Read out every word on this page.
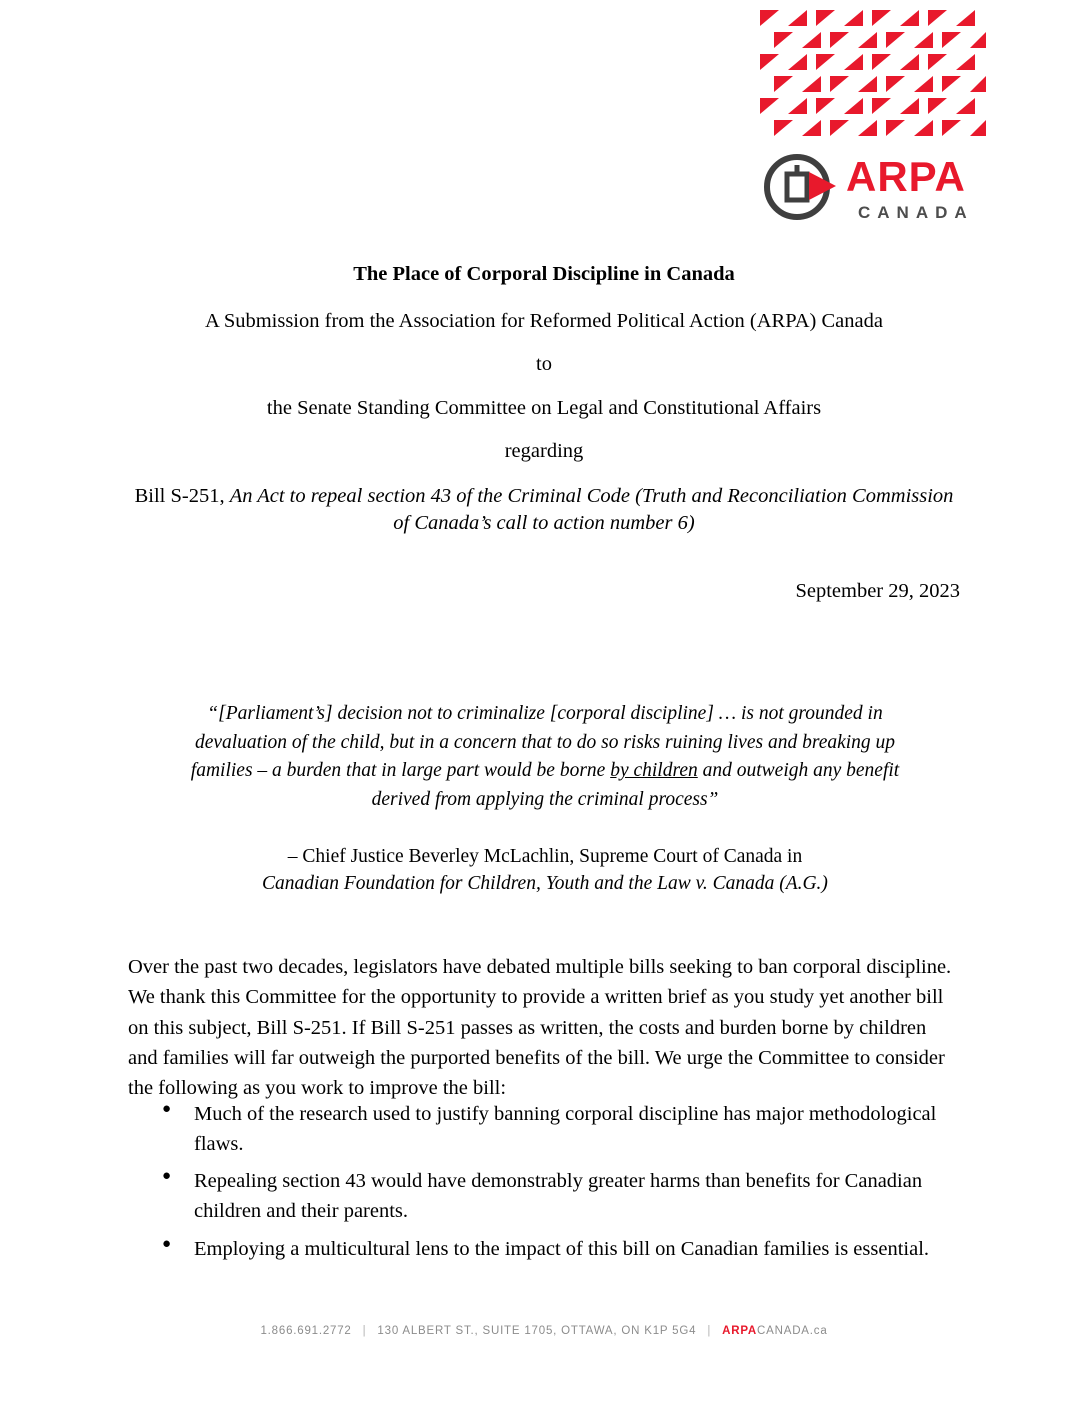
ARPA
CANADA
The Place of Corporal Discipline in Canada
A Submission from the Association for Reformed Political Action (ARPA) Canada
to
the Senate Standing Committee on Legal and Constitutional Affairs
regarding
Bill S-251, An Act to repeal section 43 of the Criminal Code (Truth and Reconciliation Commission of Canada’s call to action number 6)
September 29, 2023
“[Parliament’s] decision not to criminalize [corporal discipline] … is not grounded in devaluation of the child, but in a concern that to do so risks ruining lives and breaking up families – a burden that in large part would be borne by children and outweigh any benefit derived from applying the criminal process”
– Chief Justice Beverley McLachlin, Supreme Court of Canada in
Canadian Foundation for Children, Youth and the Law v. Canada (A.G.)
Over the past two decades, legislators have debated multiple bills seeking to ban corporal discipline. We thank this Committee for the opportunity to provide a written brief as you study yet another bill on this subject, Bill S-251. If Bill S-251 passes as written, the costs and burden borne by children and families will far outweigh the purported benefits of the bill. We urge the Committee to consider the following as you work to improve the bill:
● Much of the research used to justify banning corporal discipline has major methodological flaws.
● Repealing section 43 would have demonstrably greater harms than benefits for Canadian children and their parents.
● Employing a multicultural lens to the impact of this bill on Canadian families is essential.
1.866.691.2772 | 130 ALBERT ST., SUITE 1705, OTTAWA, ON K1P 5G4 | ARPACANADA.ca
